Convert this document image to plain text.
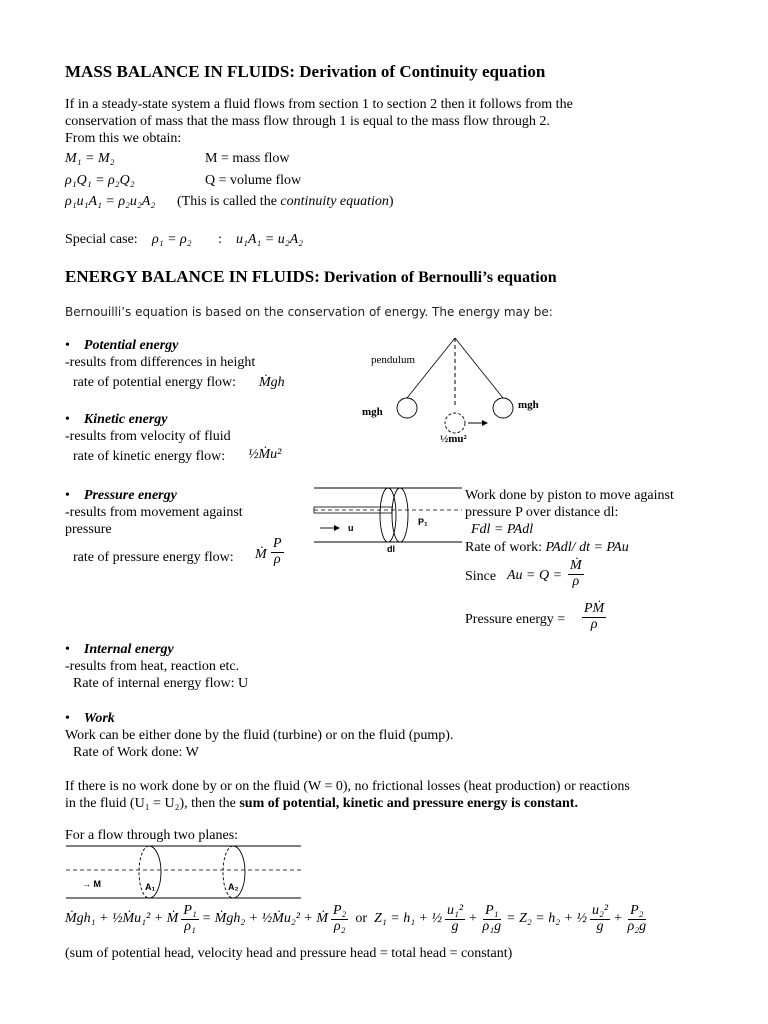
MASS BALANCE IN FLUIDS: Derivation of Continuity equation
If in a steady-state system a fluid flows from section 1 to section 2 then it follows from the
conservation of mass that the mass flow through 1 is equal to the mass flow through 2.
From this we obtain:
M₁ = M₂	M = mass flow
ρ₁Q₁ = ρ₂Q₂	Q = volume flow
ρ₁u₁A₁ = ρ₂u₂A₂ (This is called the continuity equation)
Special case: ρ₁ = ρ₂ : u₁A₁ = u₂A₂
ENERGY BALANCE IN FLUIDS: Derivation of Bernoulli’s equation
Bernouilli’s equation is based on the conservation of energy. The energy may be:
• Potential energy
-results from differences in height
rate of potential energy flow: Ṁgh
pendulum
mgh
mgh
½mu²
• Kinetic energy
-results from velocity of fluid
rate of kinetic energy flow: ½Ṁu²
• Pressure energy
-results from movement against
pressure
rate of pressure energy flow: Ṁ $\frac{P}{\rho}$
u
P₁
dl
Work done by piston to move against
pressure P over distance dl:
Fdl = PAdl
Rate of work: PAdl/ dt = PAu
Since $Au = Q = \frac{\text{Ṁ}}{\rho}$
Pressure energy = $\frac{\text{PṀ}}{\rho}$
• Internal energy
-results from heat, reaction etc.
Rate of internal energy flow: U
• Work
Work can be either done by the fluid (turbine) or on the fluid (pump).
Rate of Work done: W
If there is no work done by or on the fluid (W = 0), no frictional losses (heat production) or reactions
in the fluid (U₁ = U₂), then the sum of potential, kinetic and pressure energy is constant.
For a flow through two planes:
→ M	A₁	A₂
Ṁgh₁ + ½Ṁu₁² + Ṁ $\frac{\text{P₁}}{\text{ρ₁}}$ = Ṁgh₂ + ½Ṁu₂² + Ṁ $\frac{\text{P₂}}{\text{ρ₂}}$ or Z₁ = h₁ + ½ $\frac{\text{u₁²}}{g} + \frac{\text{P₁}}{\text{ρ₁g}} = Z_2 = h_2$ + ½ $\frac{\text{u₂²}}{g} + \frac{\text{P₂}}{\text{ρ₂g}}$
(sum of potential head, velocity head and pressure head = total head = constant)
